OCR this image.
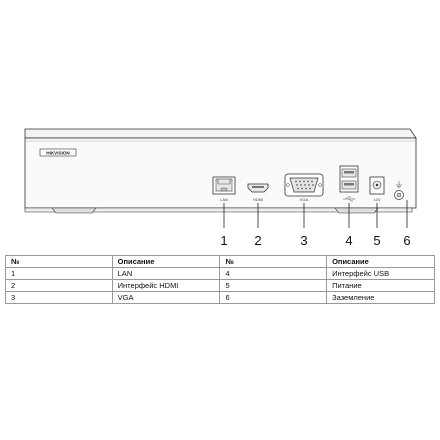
HIKVISION
LAN	HDMI	VGA	12V
1 2	3	4 5 6
№	Описание	№	Описание
1	LAN	4	Интерфейс USB
2	Интерфейс HDMI	5	Питание
3	VGA	6	Заземление
